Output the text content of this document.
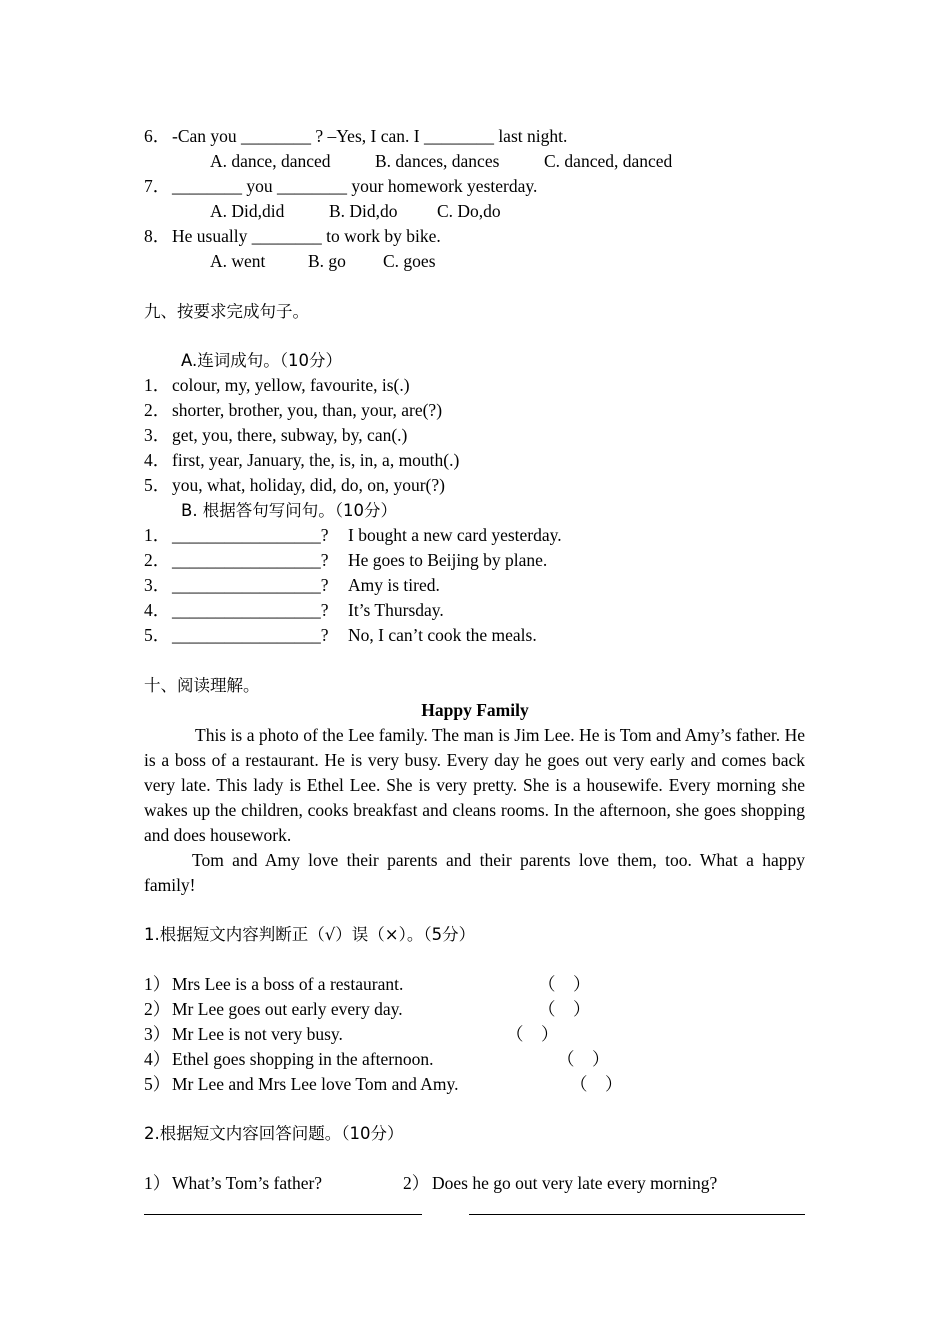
6． -Can you ________ ? –Yes, I can. I ________ last night.
A. dance, danced	B. dances, dances	C. danced, danced
7． ________ you ________ your homework yesterday.
A. Did,did	B. Did,do C. Do,do
8． He usually ________ to work by bike.
A. went B. go C. goes
九、按要求完成句子。
A.连词成句。（10分）
1． colour, my, yellow, favourite, is(.)
2． shorter, brother, you, than, your, are(?)
3． get, you, there, subway, by, can(.)
4． first, year, January, the, is, in, a, mouth(.)
5． you, what, holiday, did, do, on, your(?)
B. 根据答句写问句。（10分）
1． _________________? I bought a new card yesterday.
2． _________________? He goes to Beijing by plane.
3． _________________? Amy is tired.
4． _________________? It’s Thursday.
5． _________________? No, I can’t cook the meals.
十、阅读理解。
Happy Family
This is a photo of the Lee family. The man is Jim Lee. He is Tom and Amy’s father. He is a boss of a restaurant. He is very busy. Every day he goes out very early and comes back very late. This lady is Ethel Lee. She is very pretty. She is a housewife. Every morning she wakes up the children, cooks breakfast and cleans rooms. In the afternoon, she goes shopping and does housework.
Tom and Amy love their parents and their parents love them, too. What a happy family!
1.根据短文内容判断正（√）误（×）。（5分）
1） Mrs Lee is a boss of a restaurant.	（    ）
2） Mr Lee goes out early every day.	（    ）
3） Mr Lee is not very busy.	（    ）
4） Ethel goes shopping in the afternoon.	（    ）
5） Mr Lee and Mrs Lee love Tom and Amy.	（    ）
2.根据短文内容回答问题。（10分）
1） What’s Tom’s father?	2） Does he go out very late every morning?
